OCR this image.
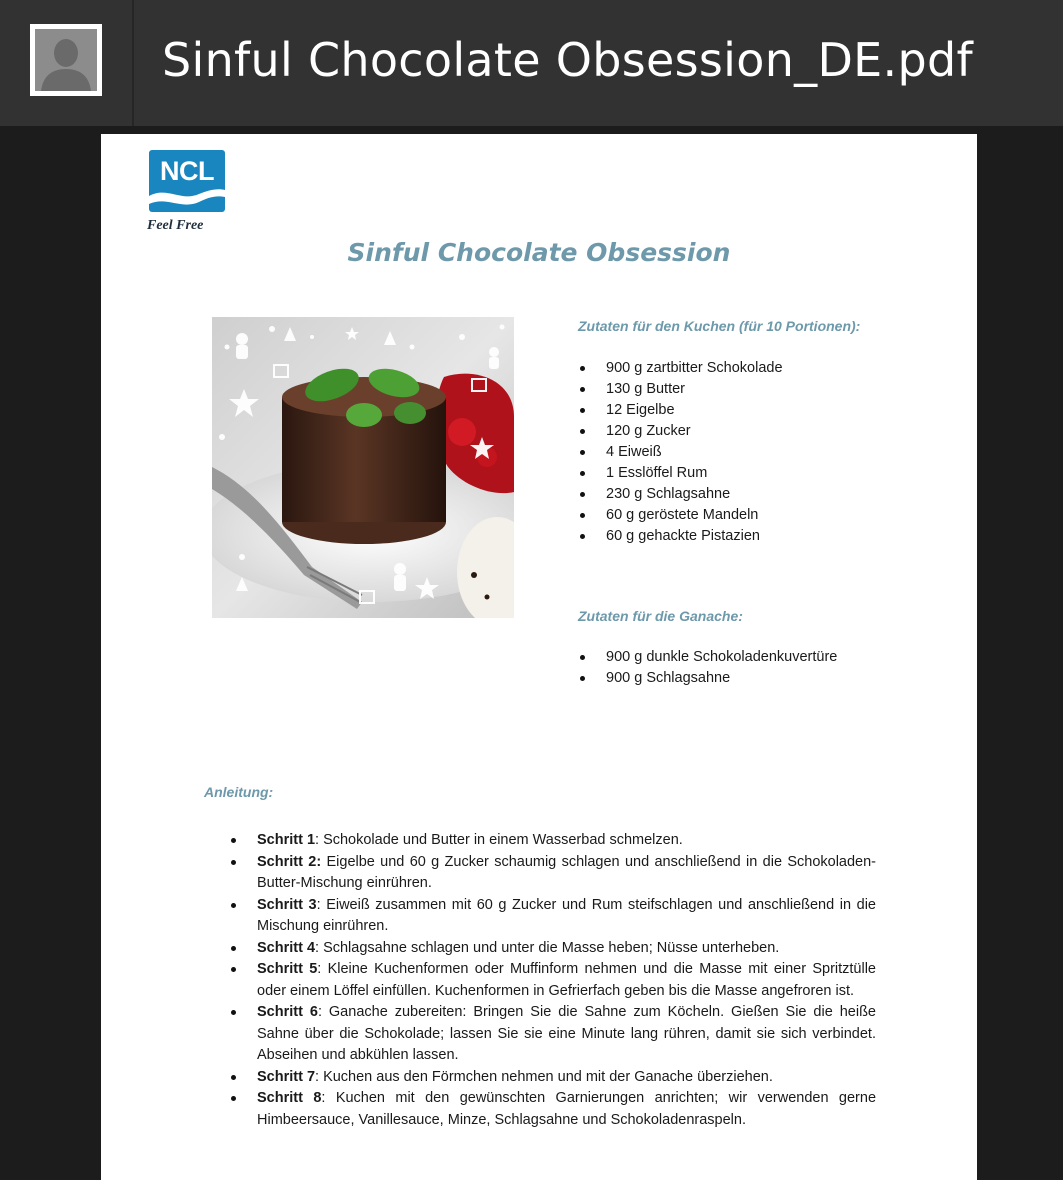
Sinful Chocolate Obsession_DE.pdf
NCL
Feel Free
Sinful Chocolate Obsession
Zutaten für den Kuchen (für 10 Portionen):
900 g zartbitter Schokolade
130 g Butter
12 Eigelbe
120 g Zucker
4 Eiweiß
1 Esslöffel Rum
230 g Schlagsahne
60 g geröstete Mandeln
60 g gehackte Pistazien
Zutaten für die Ganache:
900 g dunkle Schokoladenkuvertüre
900 g Schlagsahne
Anleitung:
Schritt 1: Schokolade und Butter in einem Wasserbad schmelzen.
Schritt 2: Eigelbe und 60 g Zucker schaumig schlagen und anschließend in die Schokoladen-Butter-Mischung einrühren.
Schritt 3: Eiweiß zusammen mit 60 g Zucker und Rum steifschlagen und anschließend in die Mischung einrühren.
Schritt 4: Schlagsahne schlagen und unter die Masse heben; Nüsse unterheben.
Schritt 5: Kleine Kuchenformen oder Muffinform nehmen und die Masse mit einer Spritztülle oder einem Löffel einfüllen. Kuchenformen in Gefrierfach geben bis die Masse angefroren ist.
Schritt 6: Ganache zubereiten: Bringen Sie die Sahne zum Köcheln. Gießen Sie die heiße Sahne über die Schokolade; lassen Sie sie eine Minute lang rühren, damit sie sich verbindet. Abseihen und abkühlen lassen.
Schritt 7: Kuchen aus den Förmchen nehmen und mit der Ganache überziehen.
Schritt 8: Kuchen mit den gewünschten Garnierungen anrichten; wir verwenden gerne Himbeersauce, Vanillesauce, Minze, Schlagsahne und Schokoladenraspeln.
